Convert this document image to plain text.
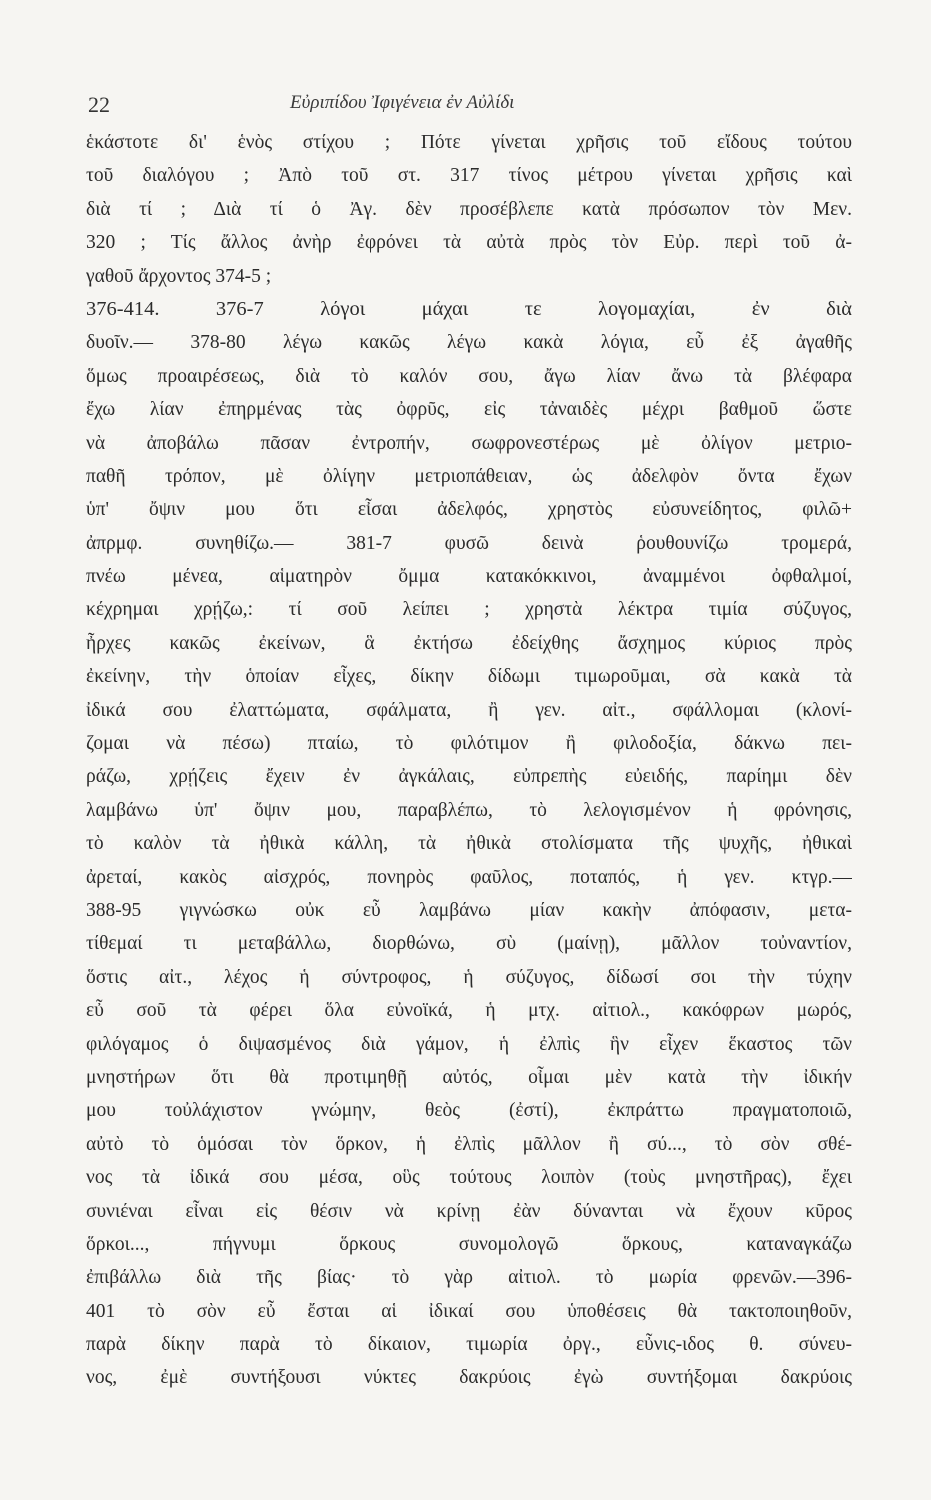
22	Εὐριπίδου Ἰφιγένεια ἐν Αὐλίδι
ἑκάστοτε δι' ἑνὸς στίχου ; Πότε γίνεται χρῆσις τοῦ εἴδους τούτου
τοῦ διαλόγου ; Ἀπὸ τοῦ στ. 317 τίνος μέτρου γίνεται χρῆσις καὶ
διὰ τί ; Διὰ τί ὁ Ἀγ. δὲν προσέβλεπε κατὰ πρόσωπον τὸν Μεν.
320 ; Τίς ἄλλος ἀνὴρ ἐφρόνει τὰ αὐτὰ πρὸς τὸν Εὐρ. περὶ τοῦ ἀ-
γαθοῦ ἄρχοντος 374-5 ;
376-414. 376-7 λόγοι μάχαι τε λογομαχίαι, ἐν διὰ
δυοῖν.— 378-80 λέγω κακῶς λέγω κακὰ λόγια, εὖ ἐξ ἀγαθῆς
ὅμως προαιρέσεως, διὰ τὸ καλόν σου, ἄγω λίαν ἄνω τὰ βλέφαρα
ἔχω λίαν ἐπηρμένας τὰς ὀφρῦς, εἰς τἀναιδὲς μέχρι βαθμοῦ ὥστε
νὰ ἀποβάλω πᾶσαν ἐντροπήν, σωφρονεστέρως μὲ ὀλίγον μετριο-
παθῆ τρόπον, μὲ ὀλίγην μετριοπάθειαν, ὡς ἀδελφὸν ὄντα ἔχων
ὑπ' ὄψιν μου ὅτι εἶσαι ἀδελφός, χρηστὸς εὐσυνείδητος, φιλῶ+
ἀπρμφ. συνηθίζω.— 381-7 φυσῶ δεινὰ ῥουθουνίζω τρομερά,
πνέω μένεα, αἱματηρὸν ὄμμα κατακόκκινοι, ἀναμμένοι ὀφθαλμοί,
κέχρημαι χρῄζω,: τί σοῦ λείπει ; χρηστὰ λέκτρα τιμία σύζυγος,
ἦρχες κακῶς ἐκείνων, ἃ ἐκτήσω ἐδείχθης ἄσχημος κύριος πρὸς
ἐκείνην, τὴν ὁποίαν εἶχες, δίκην δίδωμι τιμωροῦμαι, σὰ κακὰ τὰ
ἰδικά σου ἐλαττώματα, σφάλματα, ἢ γεν. αἰτ., σφάλλομαι (κλονί-
ζομαι νὰ πέσω) πταίω, τὸ φιλότιμον ἢ φιλοδοξία, δάκνω πει-
ράζω, χρῄζεις ἔχειν ἐν ἀγκάλαις, εὐπρεπὴς εὐειδής, παρίημι δὲν
λαμβάνω ὑπ' ὄψιν μου, παραβλέπω, τὸ λελογισμένον ἡ φρόνησις,
τὸ καλὸν τὰ ἠθικὰ κάλλη, τὰ ἠθικὰ στολίσματα τῆς ψυχῆς, ἠθικαὶ
ἀρεταί, κακὸς αἰσχρός, πονηρὸς φαῦλος, ποταπός, ἡ γεν. κτγρ.—
388-95 γιγνώσκω οὐκ εὖ λαμβάνω μίαν κακὴν ἀπόφασιν, μετα-
τίθεμαί τι μεταβάλλω, διορθώνω, σὺ (μαίνῃ), μᾶλλον τοὐναντίον,
ὅστις αἰτ., λέχος ἡ σύντροφος, ἡ σύζυγος, δίδωσί σοι τὴν τύχην
εὖ σοῦ τὰ φέρει ὅλα εὐνοϊκά, ἡ μτχ. αἰτιολ., κακόφρων μωρός,
φιλόγαμος ὁ διψασμένος διὰ γάμον, ἡ ἐλπὶς ἣν εἶχεν ἕκαστος τῶν
μνηστήρων ὅτι θὰ προτιμηθῇ αὐτός, οἶμαι μὲν κατὰ τὴν ἰδικήν
μου τοὐλάχιστον γνώμην, θεὸς (ἐστί), ἐκπράττω πραγματοποιῶ,
αὐτὸ τὸ ὁμόσαι τὸν ὅρκον, ἡ ἐλπὶς μᾶλλον ἢ σύ..., τὸ σὸν σθέ-
νος τὰ ἰδικά σου μέσα, οὓς τούτους λοιπὸν (τοὺς μνηστῆρας), ἔχει
συνιέναι εἶναι εἰς θέσιν νὰ κρίνῃ ἐὰν δύνανται νὰ ἔχουν κῦρος
ὅρκοι..., πήγνυμι ὅρκους συνομολογῶ ὅρκους, καταναγκάζω
ἐπιβάλλω διὰ τῆς βίας· τὸ γὰρ αἰτιολ. τὸ μωρία φρενῶν.—396-
401 τὸ σὸν εὖ ἔσται αἱ ἰδικαί σου ὑποθέσεις θὰ τακτοποιηθοῦν,
παρὰ δίκην παρὰ τὸ δίκαιον, τιμωρία ὀργ., εὖνις-ιδος θ. σύνευ-
νος, ἐμὲ συντήξουσι νύκτες δακρύοις ἐγὼ συντήξομαι δακρύοις
